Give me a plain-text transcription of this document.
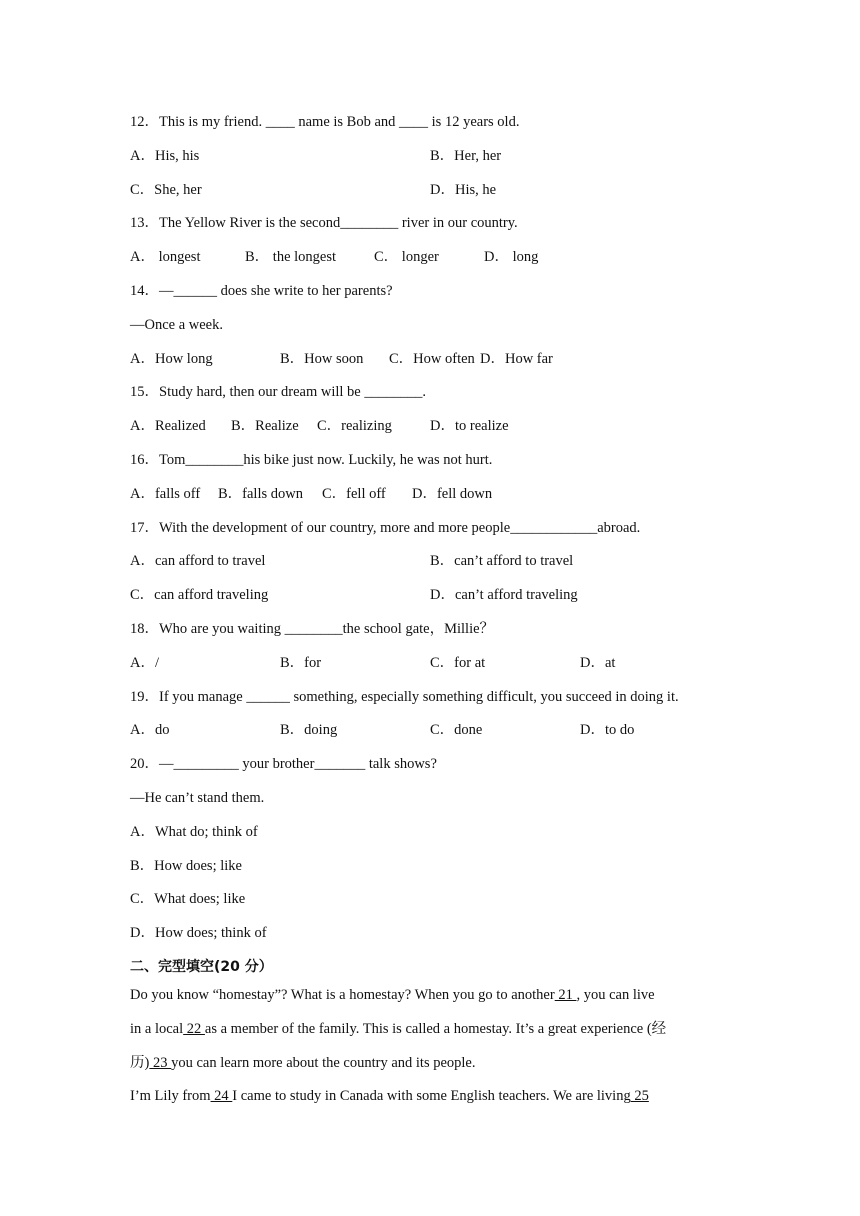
12．This is my friend. ____ name is Bob and ____ is 12 years old.
A．His, his	B．Her, her
C．She, her	D．His, he
13．The Yellow River is the second________ river in our country.
A． longest	B． the longest	C． longer	D． long
14．—______ does she write to her parents?
—Once a week.
A．How long	B．How soon C．How often D．How far
15．Study hard, then our dream will be ________.
A．Realized B．Realize C．realizing	D．to realize
16．Tom________his bike just now. Luckily, he was not hurt.
A．falls off B．falls down C．fell off D．fell down
17．With the development of our country, more and more people____________abroad.
A．can afford to travel	B．can’t afford to travel
C．can afford traveling	D．can’t afford traveling
18．Who are you waiting ________the school gate，Millie？
A．/	B．for	C．for at	D．at
19．If you manage ______ something, especially something difficult, you succeed in doing it.
A．do	B．doing	C．done	D．to do
20．—_________ your brother_______ talk shows?
—He can’t stand them.
A．What do; think of
B．How does; like
C．What does; like
D．How does; think of
二、完型填空(20 分）
Do you know “homestay”? What is a homestay? When you go to another 21 , you can live
in a local 22 as a member of the family. This is called a homestay. It’s a great experience (经
历) 23 you can learn more about the country and its people.
I’m Lily from 24 I came to study in Canada with some English teachers. We are living 25
